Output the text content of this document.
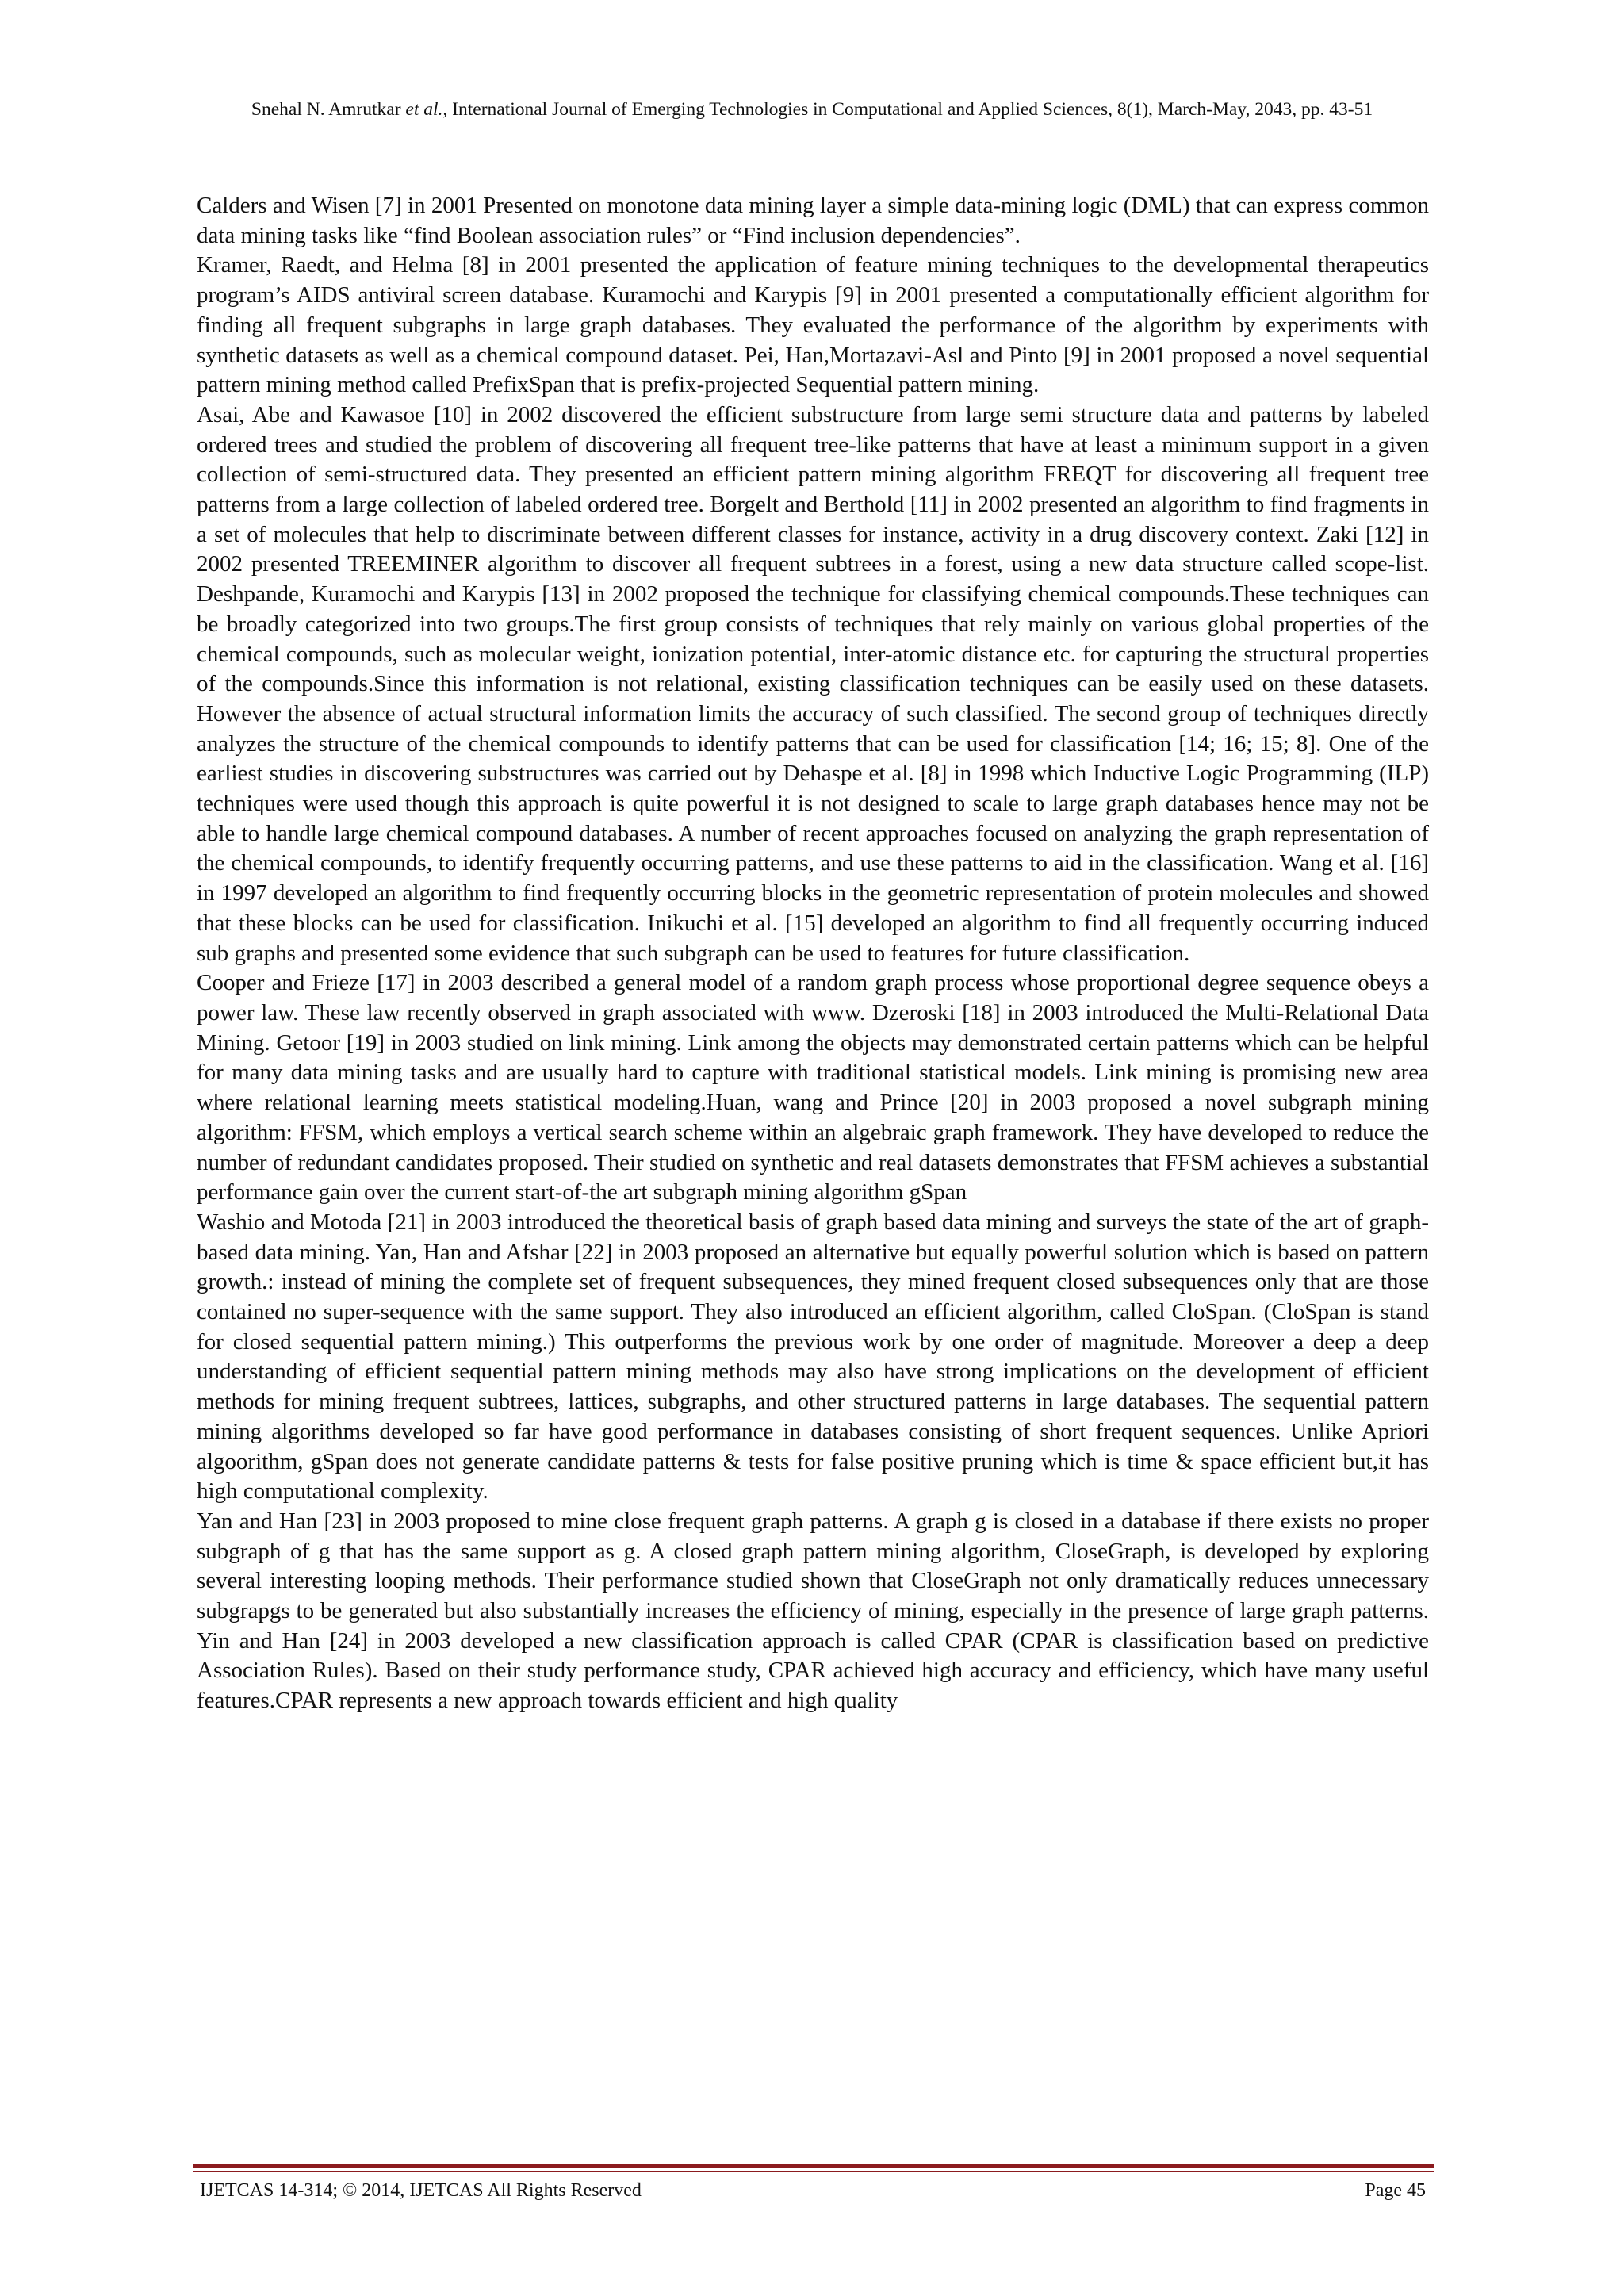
Snehal N. Amrutkar et al., International Journal of Emerging Technologies in Computational and Applied Sciences, 8(1), March-May, 2043, pp. 43-51

Calders and Wisen [7] in 2001 Presented on monotone data mining layer a simple data-mining logic (DML) that can express common data mining tasks like “find Boolean association rules” or “Find inclusion dependencies”.

Kramer, Raedt, and Helma [8] in 2001 presented the application of feature mining techniques to the developmental therapeutics program’s AIDS antiviral screen database. Kuramochi and Karypis [9] in 2001 presented a computationally efficient algorithm for finding all frequent subgraphs in large graph databases. They evaluated the performance of the algorithm by experiments with synthetic datasets as well as a chemical compound dataset. Pei, Han,Mortazavi-Asl and Pinto [9] in 2001 proposed a novel sequential pattern mining method called PrefixSpan that is prefix-projected Sequential pattern mining.

Asai, Abe and Kawasoe [10] in 2002 discovered the efficient substructure from large semi structure data and patterns by labeled ordered trees and studied the problem of discovering all frequent tree-like patterns that have at least a minimum support in a given collection of semi-structured data. They presented an efficient pattern mining algorithm FREQT for discovering all frequent tree patterns from a large collection of labeled ordered tree. Borgelt and Berthold [11] in 2002 presented an algorithm to find fragments in a set of molecules that help to discriminate between different classes for instance, activity in a drug discovery context. Zaki [12] in 2002 presented TREEMINER algorithm to discover all frequent subtrees in a forest, using a new data structure called scope-list. Deshpande, Kuramochi and Karypis [13] in 2002 proposed the technique for classifying chemical compounds.These techniques can be broadly categorized into two groups.The first group consists of techniques that rely mainly on various global properties of the chemical compounds, such as molecular weight, ionization potential, inter-atomic distance etc. for capturing the structural properties of the compounds.Since this information is not relational, existing classification techniques can be easily used on these datasets. However the absence of actual structural information limits the accuracy of such classified. The second group of techniques directly analyzes the structure of the chemical compounds to identify patterns that can be used for classification [14; 16; 15; 8]. One of the earliest studies in discovering substructures was carried out by Dehaspe et al. [8] in 1998 which Inductive Logic Programming (ILP) techniques were used though this approach is quite powerful it is not designed to scale to large graph databases hence may not be able to handle large chemical compound databases. A number of recent approaches focused on analyzing the graph representation of the chemical compounds, to identify frequently occurring patterns, and use these patterns to aid in the classification. Wang et al. [16] in 1997 developed an algorithm to find frequently occurring blocks in the geometric representation of protein molecules and showed that these blocks can be used for classification. Inikuchi et al. [15] developed an algorithm to find all frequently occurring induced sub graphs and presented some evidence that such subgraph can be used to features for future classification.

Cooper and Frieze [17] in 2003 described a general model of a random graph process whose proportional degree sequence obeys a power law. These law recently observed in graph associated with www. Dzeroski [18] in 2003 introduced the Multi-Relational Data Mining. Getoor [19] in 2003 studied on link mining. Link among the objects may demonstrated certain patterns which can be helpful for many data mining tasks and are usually hard to capture with traditional statistical models. Link mining is promising new area where relational learning meets statistical modeling.Huan, wang and Prince [20] in 2003 proposed a novel subgraph mining algorithm: FFSM, which employs a vertical search scheme within an algebraic graph framework. They have developed to reduce the number of redundant candidates proposed. Their studied on synthetic and real datasets demonstrates that FFSM achieves a substantial performance gain over the current start-of-the art subgraph mining algorithm gSpan

Washio and Motoda [21] in 2003 introduced the theoretical basis of graph based data mining and surveys the state of the art of graph-based data mining. Yan, Han and Afshar [22] in 2003 proposed an alternative but equally powerful solution which is based on pattern growth.: instead of mining the complete set of frequent subsequences, they mined frequent closed subsequences only that are those contained no super-sequence with the same support. They also introduced an efficient algorithm, called CloSpan. (CloSpan is stand for closed sequential pattern mining.) This outperforms the previous work by one order of magnitude. Moreover a deep a deep understanding of efficient sequential pattern mining methods may also have strong implications on the development of efficient methods for mining frequent subtrees, lattices, subgraphs, and other structured patterns in large databases. The sequential pattern mining algorithms developed so far have good performance in databases consisting of short frequent sequences. Unlike Apriori algoorithm, gSpan does not generate candidate patterns & tests for false positive pruning which is time & space efficient but,it has high computational complexity.

Yan and Han [23] in 2003 proposed to mine close frequent graph patterns. A graph g is closed in a database if there exists no proper subgraph of g that has the same support as g. A closed graph pattern mining algorithm, CloseGraph, is developed by exploring several interesting looping methods. Their performance studied shown that CloseGraph not only dramatically reduces unnecessary subgrapgs to be generated but also substantially increases the efficiency of mining, especially in the presence of large graph patterns. Yin and Han [24] in 2003 developed a new classification approach is called CPAR (CPAR is classification based on predictive Association Rules). Based on their study performance study, CPAR achieved high accuracy and efficiency, which have many useful features.CPAR represents a new approach towards efficient and high quality

IJETCAS 14-314; © 2014, IJETCAS All Rights Reserved	Page 45
